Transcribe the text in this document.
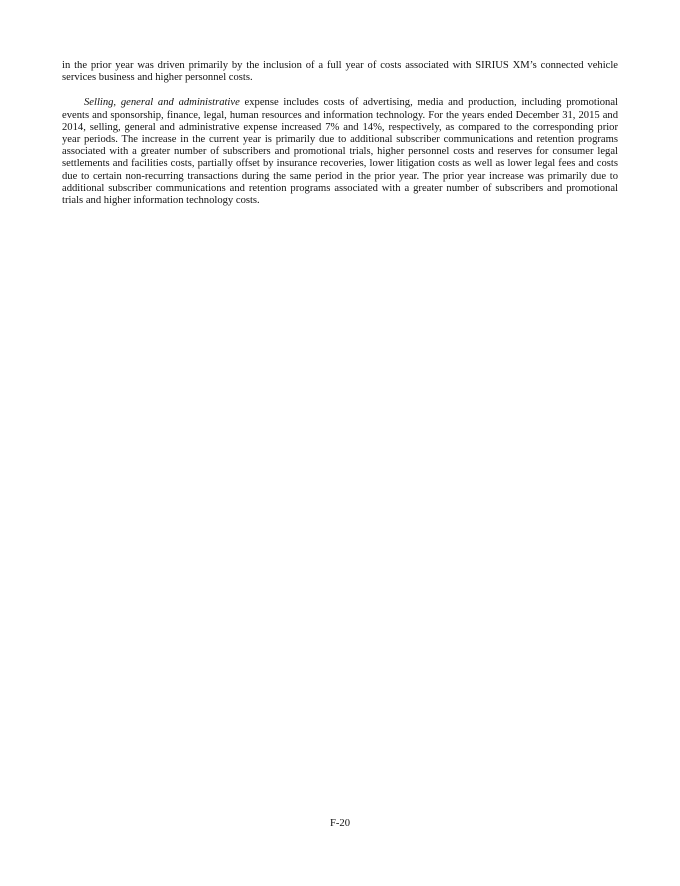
in the prior year was driven primarily by the inclusion of a full year of costs associated with SIRIUS XM’s connected vehicle services business and higher personnel costs.

Selling, general and administrative expense includes costs of advertising, media and production, including promotional events and sponsorship, finance, legal, human resources and information technology. For the years ended December 31, 2015 and 2014, selling, general and administrative expense increased 7% and 14%, respectively, as compared to the corresponding prior year periods. The increase in the current year is primarily due to additional subscriber communications and retention programs associated with a greater number of subscribers and promotional trials, higher personnel costs and reserves for consumer legal settlements and facilities costs, partially offset by insurance recoveries, lower litigation costs as well as lower legal fees and costs due to certain non-recurring transactions during the same period in the prior year. The prior year increase was primarily due to additional subscriber communications and retention programs associated with a greater number of subscribers and promotional trials and higher information technology costs.

F-20
